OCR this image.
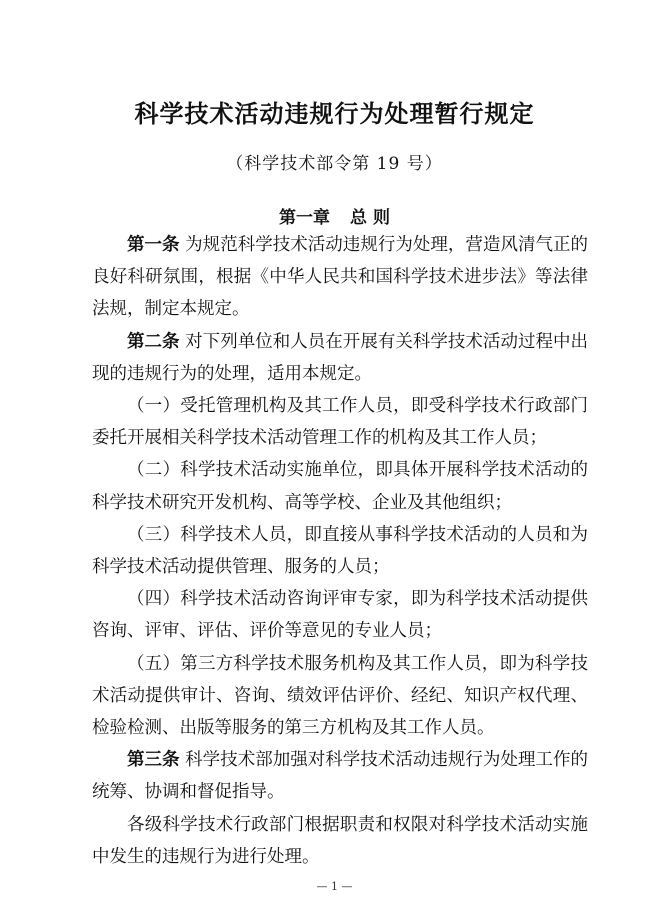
科学技术活动违规行为处理暂行规定
（科学技术部令第 19 号）
第一章 总 则

第一条 为规范科学技术活动违规行为处理，营造风清气正的良好科研氛围，根据《中华人民共和国科学技术进步法》等法律法规，制定本规定。

第二条 对下列单位和人员在开展有关科学技术活动过程中出现的违规行为的处理，适用本规定。

（一）受托管理机构及其工作人员，即受科学技术行政部门委托开展相关科学技术活动管理工作的机构及其工作人员；

（二）科学技术活动实施单位，即具体开展科学技术活动的科学技术研究开发机构、高等学校、企业及其他组织；

（三）科学技术人员，即直接从事科学技术活动的人员和为科学技术活动提供管理、服务的人员；

（四）科学技术活动咨询评审专家，即为科学技术活动提供咨询、评审、评估、评价等意见的专业人员；

（五）第三方科学技术服务机构及其工作人员，即为科学技术活动提供审计、咨询、绩效评估评价、经纪、知识产权代理、检验检测、出版等服务的第三方机构及其工作人员。

第三条 科学技术部加强对科学技术活动违规行为处理工作的统筹、协调和督促指导。

各级科学技术行政部门根据职责和权限对科学技术活动实施中发生的违规行为进行处理。

— 1 —
